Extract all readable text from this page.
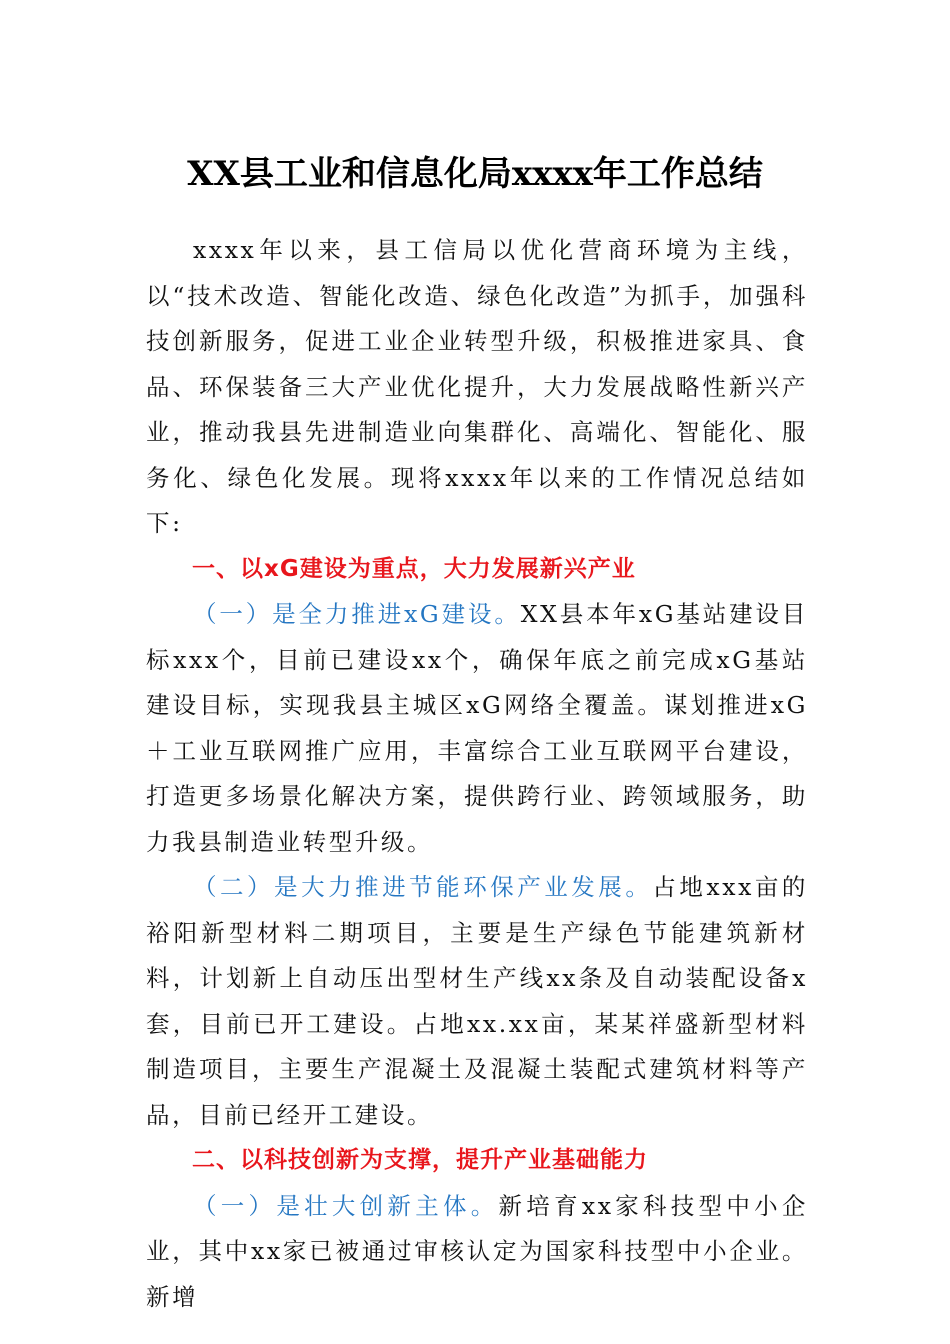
XX县工业和信息化局xxxx年工作总结

xxxx年以来，县工信局以优化营商环境为主线，以“技术改造、智能化改造、绿色化改造”为抓手，加强科技创新服务，促进工业企业转型升级，积极推进家具、食品、环保装备三大产业优化提升，大力发展战略性新兴产业，推动我县先进制造业向集群化、高端化、智能化、服务化、绿色化发展。现将xxxx年以来的工作情况总结如下:

一、以xG建设为重点，大力发展新兴产业

（一）是全力推进xG建设。XX县本年xG基站建设目标xxx个，目前已建设xx个，确保年底之前完成xG基站建设目标，实现我县主城区xG网络全覆盖。谋划推进xG＋工业互联网推广应用，丰富综合工业互联网平台建设，打造更多场景化解决方案，提供跨行业、跨领域服务，助力我县制造业转型升级。

（二）是大力推进节能环保产业发展。占地xxx亩的裕阳新型材料二期项目，主要是生产绿色节能建筑新材料，计划新上自动压出型材生产线xx条及自动装配设备x套，目前已开工建设。占地xx.xx亩，某某祥盛新型材料制造项目，主要生产混凝土及混凝土装配式建筑材料等产品，目前已经开工建设。

二、以科技创新为支撑，提升产业基础能力

（一）是壮大创新主体。新培育xx家科技型中小企业，其中xx家已被通过审核认定为国家科技型中小企业。新增
